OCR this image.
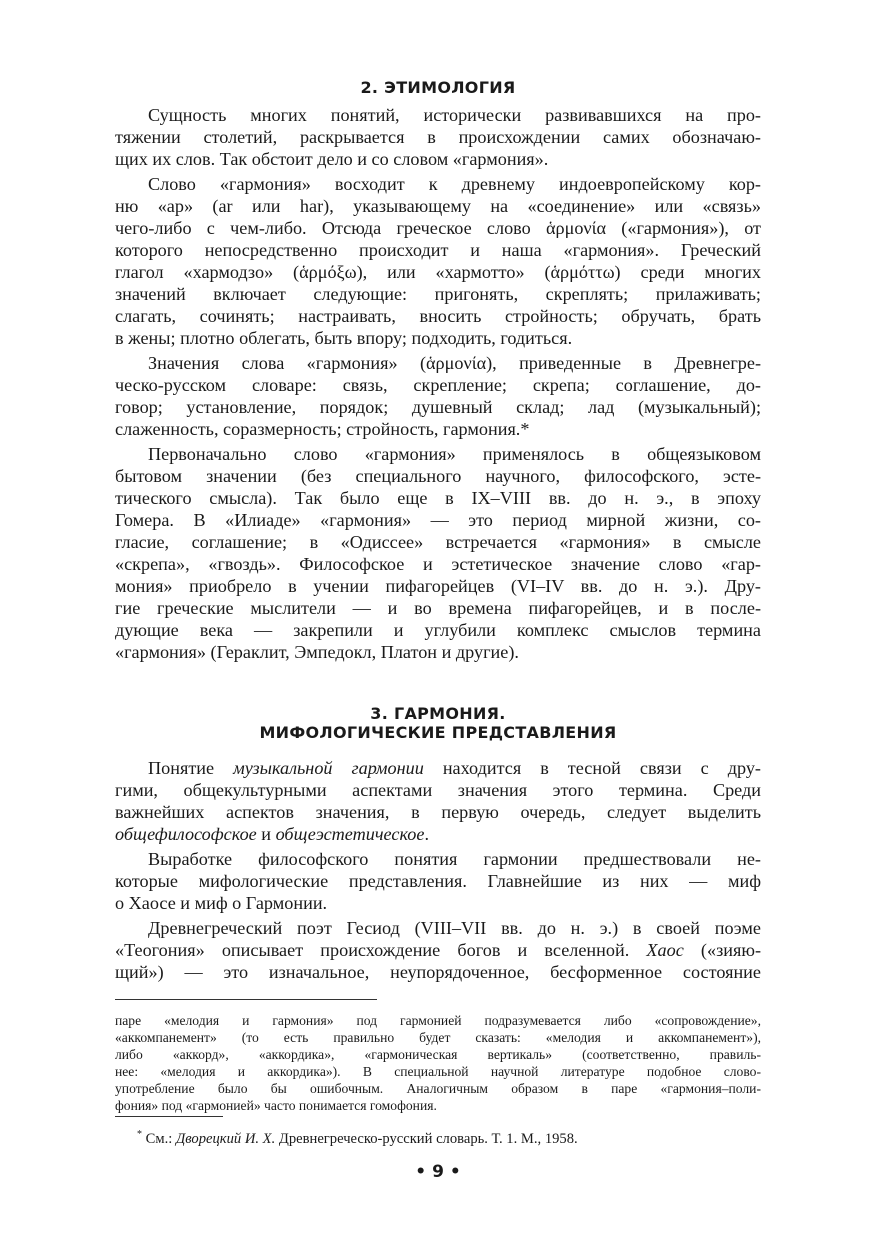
2. ЭТИМОЛОГИЯ
Сущность многих понятий, исторически развивавшихся на про-
тяжении столетий, раскрывается в происхождении самих обозначаю-
щих их слов. Так обстоит дело и со словом «гармония».
Слово «гармония» восходит к древнему индоевропейскому кор-
ню «ар» (ar или har), указывающему на «соединение» или «связь»
чего-либо с чем-либо. Отсюда греческое слово ἁρμονία («гармония»), от
которого непосредственно происходит и наша «гармония». Греческий
глагол «хармодзо» (ἁρμόξω), или «хармотто» (ἁρμόττω) среди многих
значений включает следующие: пригонять, скреплять; прилаживать;
слагать, сочинять; настраивать, вносить стройность; обручать, брать
в жены; плотно облегать, быть впору; подходить, годиться.
Значения слова «гармония» (ἁρμονία), приведенные в Древнегре-
ческо-русском словаре: связь, скрепление; скрепа; соглашение, до-
говор; установление, порядок; душевный склад; лад (музыкальный);
слаженность, соразмерность; стройность, гармония.*
Первоначально слово «гармония» применялось в общеязыковом
бытовом значении (без специального научного, философского, эсте-
тического смысла). Так было еще в IX–VIII вв. до н. э., в эпоху
Гомера. В «Илиаде» «гармония» — это период мирной жизни, со-
гласие, соглашение; в «Одиссее» встречается «гармония» в смысле
«скрепа», «гвоздь». Философское и эстетическое значение слово «гар-
мония» приобрело в учении пифагорейцев (VI–IV вв. до н. э.). Дру-
гие греческие мыслители — и во времена пифагорейцев, и в после-
дующие века — закрепили и углубили комплекс смыслов термина
«гармония» (Гераклит, Эмпедокл, Платон и другие).
3. ГАРМОНИЯ.
МИФОЛОГИЧЕСКИЕ ПРЕДСТАВЛЕНИЯ
Понятие музыкальной гармонии находится в тесной связи с дру-
гими, общекультурными аспектами значения этого термина. Среди
важнейших аспектов значения, в первую очередь, следует выделить
общефилософское и общеэстетическое.
Выработке философского понятия гармонии предшествовали не-
которые мифологические представления. Главнейшие из них — миф
о Хаосе и миф о Гармонии.
Древнегреческий поэт Гесиод (VIII–VII вв. до н. э.) в своей поэме
«Теогония» описывает происхождение богов и вселенной. Хаос («зияю-
щий») — это изначальное, неупорядоченное, бесформенное состояние
паре «мелодия и гармония» под гармонией подразумевается либо «сопровождение»,
«аккомпанемент» (то есть правильно будет сказать: «мелодия и аккомпанемент»),
либо «аккорд», «аккордика», «гармоническая вертикаль» (соответственно, правиль-
нее: «мелодия и аккордика»). В специальной научной литературе подобное слово-
употребление было бы ошибочным. Аналогичным образом в паре «гармония–поли-
фония» под «гармонией» часто понимается гомофония.
* См.: Дворецкий И. Х. Древнегреческо-русский словарь. Т. 1. М., 1958.
• 9 •
